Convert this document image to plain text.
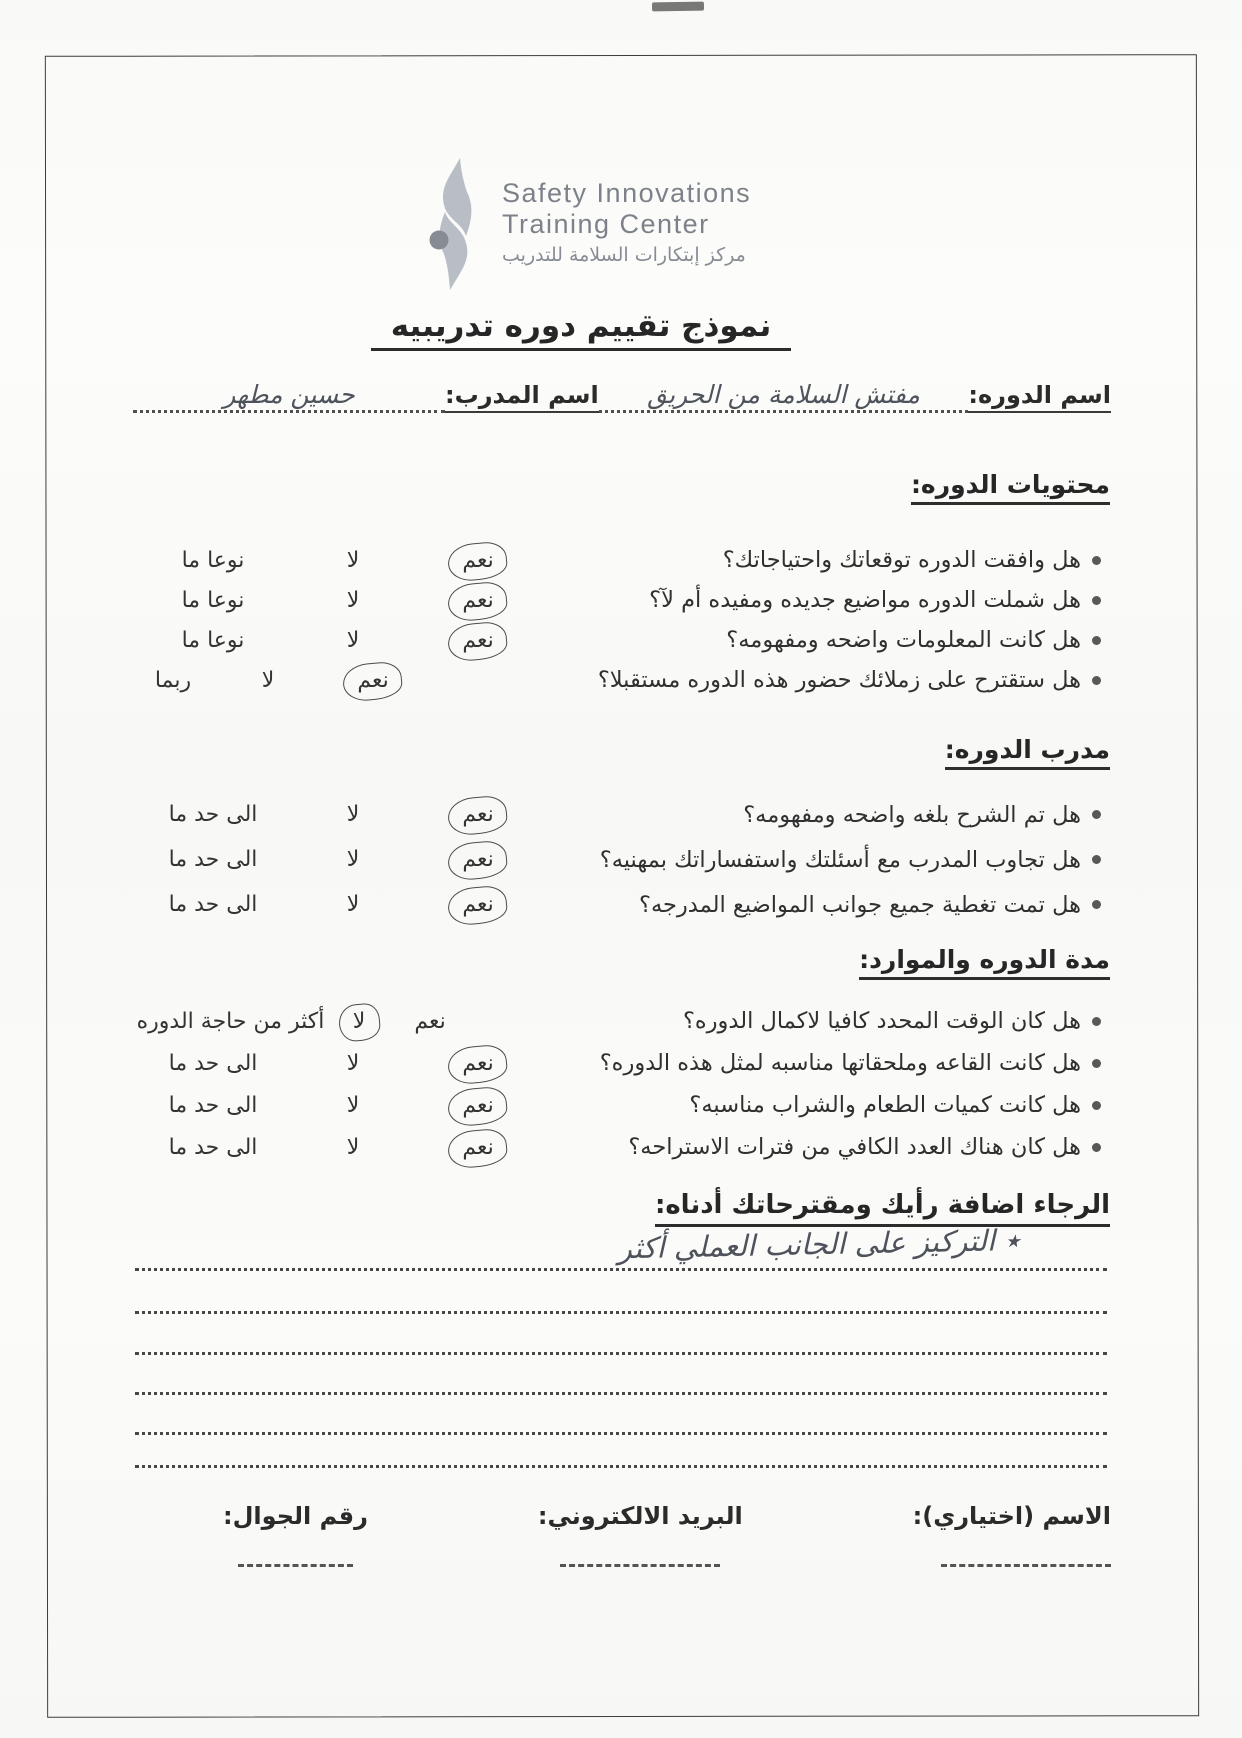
Safety Innovations
Training Center
مركز إبتكارات السلامة للتدريب
نموذج تقييم دوره تدريبيه
اسم الدوره:
مفتش السلامة من الحريق
اسم المدرب:
حسين مطهر
محتويات الدوره:
هل وافقت الدوره توقعاتك واحتياجاتك؟
نعم
لا
نوعا ما
هل شملت الدوره مواضيع جديده ومفيده أم لآ؟
نعم
لا
نوعا ما
هل كانت المعلومات واضحه ومفهومه؟
نعم
لا
نوعا ما
هل ستقترح على زملائك حضور هذه الدوره مستقبلا؟
نعم
لا
ربما
مدرب الدوره:
هل تم الشرح بلغه واضحه ومفهومه؟
نعم
لا
الى حد ما
هل تجاوب المدرب مع أسئلتك واستفساراتك بمهنيه؟
نعم
لا
الى حد ما
هل تمت تغطية جميع جوانب المواضيع المدرجه؟
نعم
لا
الى حد ما
مدة الدوره والموارد:
هل كان الوقت المحدد كافيا لاكمال الدوره؟
نعم
لا
أكثر من حاجة الدوره
هل كانت القاعه وملحقاتها مناسبه لمثل هذه الدوره؟
نعم
لا
الى حد ما
هل كانت كميات الطعام والشراب مناسبه؟
نعم
لا
الى حد ما
هل كان هناك العدد الكافي من فترات الاستراحه؟
نعم
لا
الى حد ما
الرجاء اضافة رأيك ومقترحاتك أدناه:
٭ التركيز على الجانب العملي أكثر
الاسم (اختياري):
البريد الالكتروني:
رقم الجوال:
